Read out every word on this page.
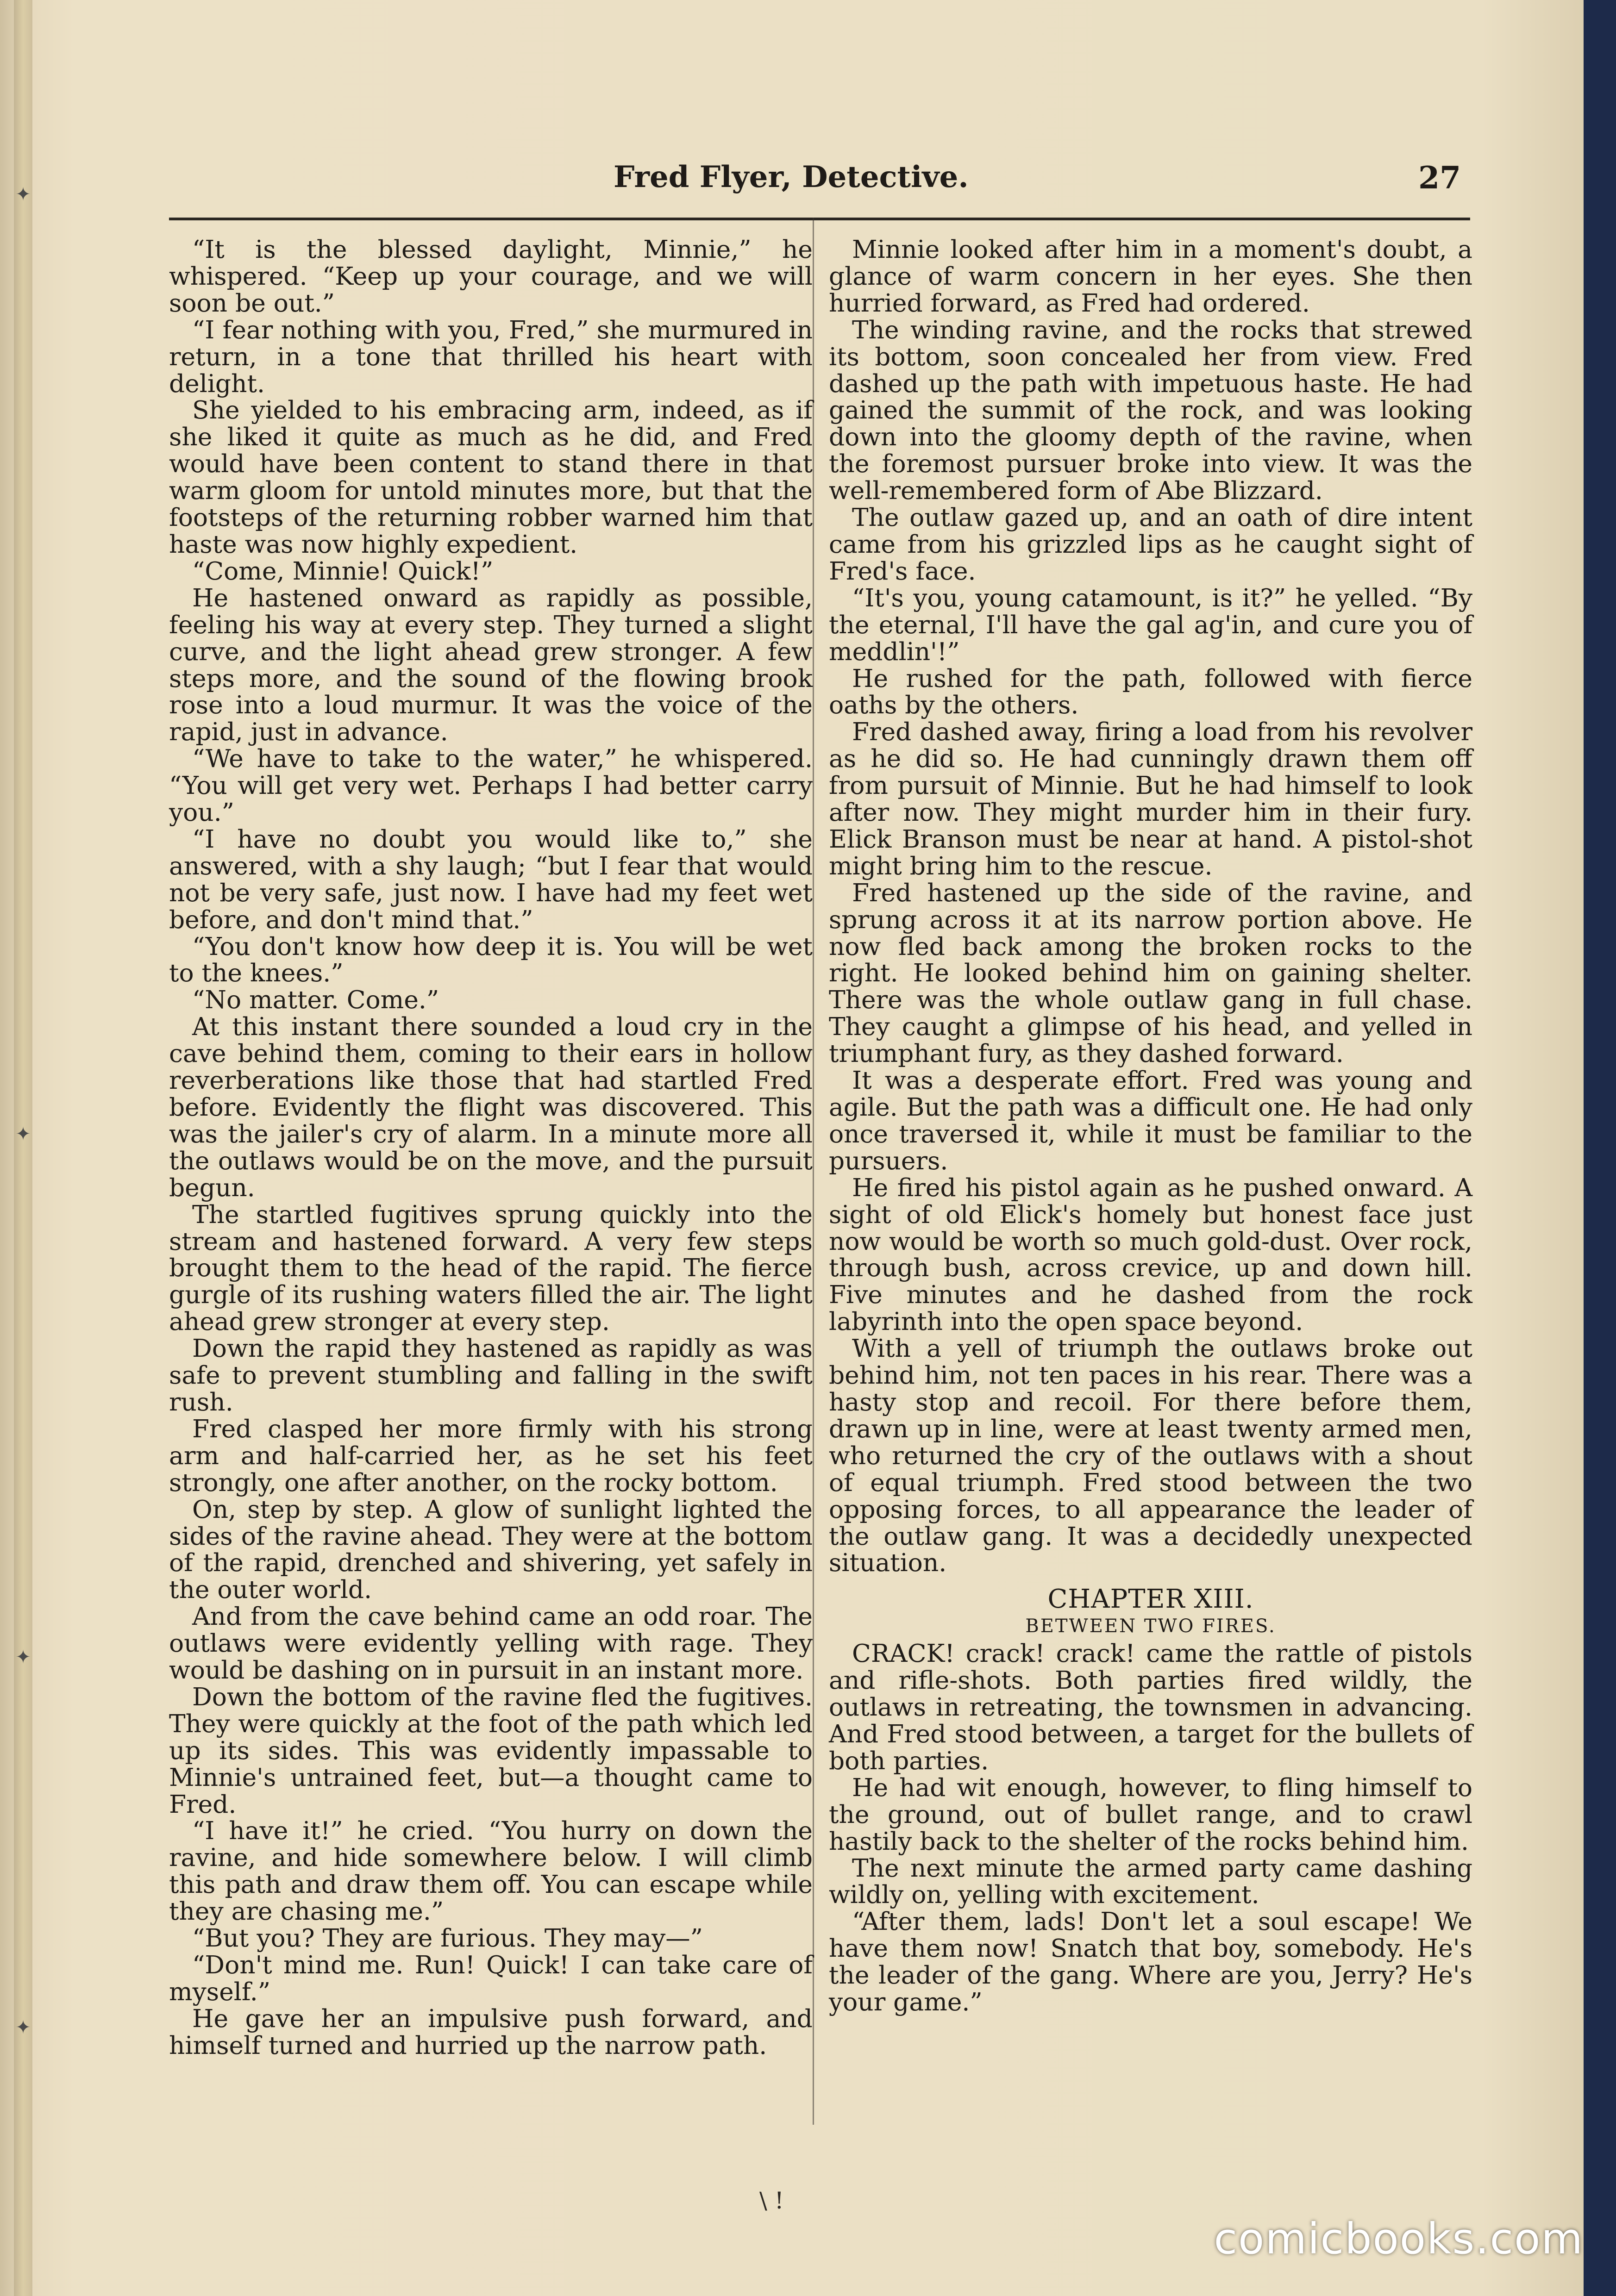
✦
✦
✦
✦
Fred Flyer, Detective.	27

“It is the blessed daylight, Minnie,” he whispered. “Keep up your courage, and we will soon be out.”

“I fear nothing with you, Fred,” she murmured in return, in a tone that thrilled his heart with delight.

She yielded to his embracing arm, indeed, as if she liked it quite as much as he did, and Fred would have been content to stand there in that warm gloom for untold minutes more, but that the footsteps of the returning robber warned him that haste was now highly expedient.

“Come, Minnie! Quick!”

He hastened onward as rapidly as possible, feeling his way at every step. They turned a slight curve, and the light ahead grew stronger. A few steps more, and the sound of the flowing brook rose into a loud murmur. It was the voice of the rapid, just in advance.

“We have to take to the water,” he whispered. “You will get very wet. Perhaps I had better carry you.”

“I have no doubt you would like to,” she answered, with a shy laugh; “but I fear that would not be very safe, just now. I have had my feet wet before, and don't mind that.”

“You don't know how deep it is. You will be wet to the knees.”

“No matter. Come.”

At this instant there sounded a loud cry in the cave behind them, coming to their ears in hollow reverberations like those that had startled Fred before. Evidently the flight was discovered. This was the jailer's cry of alarm. In a minute more all the outlaws would be on the move, and the pursuit begun.

The startled fugitives sprung quickly into the stream and hastened forward. A very few steps brought them to the head of the rapid. The fierce gurgle of its rushing waters filled the air. The light ahead grew stronger at every step.

Down the rapid they hastened as rapidly as was safe to prevent stumbling and falling in the swift rush.

Fred clasped her more firmly with his strong arm and half-carried her, as he set his feet strongly, one after another, on the rocky bottom.

On, step by step. A glow of sunlight lighted the sides of the ravine ahead. They were at the bottom of the rapid, drenched and shivering, yet safely in the outer world.

And from the cave behind came an odd roar. The outlaws were evidently yelling with rage. They would be dashing on in pursuit in an instant more.

Down the bottom of the ravine fled the fugitives. They were quickly at the foot of the path which led up its sides. This was evidently impassable to Minnie's untrained feet, but—a thought came to Fred.

“I have it!” he cried. “You hurry on down the ravine, and hide somewhere below. I will climb this path and draw them off. You can escape while they are chasing me.”

“But you? They are furious. They may—”

“Don't mind me. Run! Quick! I can take care of myself.”

He gave her an impulsive push forward, and himself turned and hurried up the narrow path.

Minnie looked after him in a moment's doubt, a glance of warm concern in her eyes. She then hurried forward, as Fred had ordered.

The winding ravine, and the rocks that strewed its bottom, soon concealed her from view. Fred dashed up the path with impetuous haste. He had gained the summit of the rock, and was looking down into the gloomy depth of the ravine, when the foremost pursuer broke into view. It was the well-remembered form of Abe Blizzard.

The outlaw gazed up, and an oath of dire intent came from his grizzled lips as he caught sight of Fred's face.

“It's you, young catamount, is it?” he yelled. “By the eternal, I'll have the gal ag'in, and cure you of meddlin'!”

He rushed for the path, followed with fierce oaths by the others.

Fred dashed away, firing a load from his revolver as he did so. He had cunningly drawn them off from pursuit of Minnie. But he had himself to look after now. They might murder him in their fury. Elick Branson must be near at hand. A pistol-shot might bring him to the rescue.

Fred hastened up the side of the ravine, and sprung across it at its narrow portion above. He now fled back among the broken rocks to the right. He looked behind him on gaining shelter. There was the whole outlaw gang in full chase. They caught a glimpse of his head, and yelled in triumphant fury, as they dashed forward.

It was a desperate effort. Fred was young and agile. But the path was a difficult one. He had only once traversed it, while it must be familiar to the pursuers.

He fired his pistol again as he pushed onward. A sight of old Elick's homely but honest face just now would be worth so much gold-dust. Over rock, through bush, across crevice, up and down hill. Five minutes and he dashed from the rock labyrinth into the open space beyond.

With a yell of triumph the outlaws broke out behind him, not ten paces in his rear. There was a hasty stop and recoil. For there before them, drawn up in line, were at least twenty armed men, who returned the cry of the outlaws with a shout of equal triumph. Fred stood between the two opposing forces, to all appearance the leader of the outlaw gang. It was a decidedly unexpected situation.

CHAPTER XIII.
BETWEEN TWO FIRES.

CRACK! crack! crack! came the rattle of pistols and rifle-shots. Both parties fired wildly, the outlaws in retreating, the townsmen in advancing. And Fred stood between, a target for the bullets of both parties.

He had wit enough, however, to fling himself to the ground, out of bullet range, and to crawl hastily back to the shelter of the rocks behind him.

The next minute the armed party came dashing wildly on, yelling with excitement.

“After them, lads! Don't let a soul escape! We have them now! Snatch that boy, somebody. He's the leader of the gang. Where are you, Jerry? He's your game.”

\ !
comicbooks.com
